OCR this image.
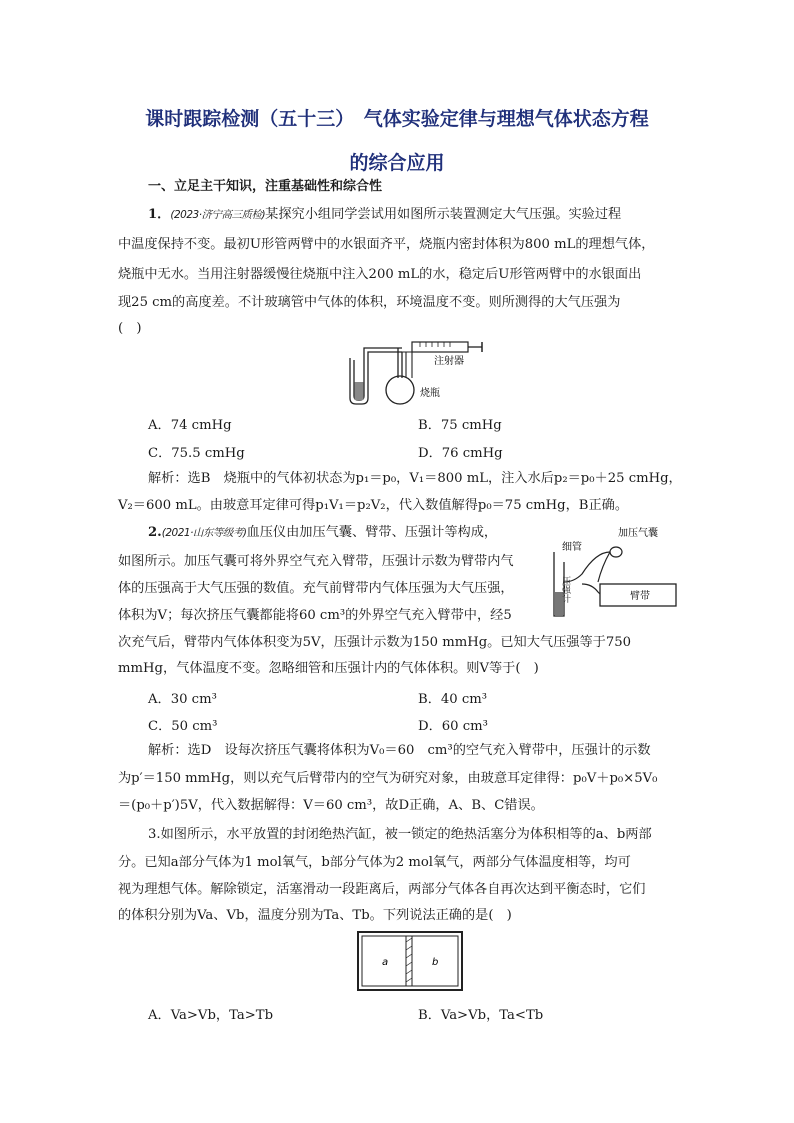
课时跟踪检测（五十三）　气体实验定律与理想气体状态方程
的综合应用
一、立足主干知识，注重基础性和综合性
1．(2023·济宁高三质检)某探究小组同学尝试用如图所示装置测定大气压强。实验过程
中温度保持不变。最初U形管两臂中的水银面齐平，烧瓶内密封体积为800 mL的理想气体，
烧瓶中无水。当用注射器缓慢往烧瓶中注入200 mL的水，稳定后U形管两臂中的水银面出
现25 cm的高度差。不计玻璃管中气体的体积，环境温度不变。则所测得的大气压强为
(　)
注射器
烧瓶
A．74 cmHg	B．75 cmHg
C．75.5 cmHg	D．76 cmHg
解析：选B　烧瓶中的气体初状态为p₁＝p₀，V₁＝800 mL，注入水后p₂＝p₀＋25 cmHg，
V₂＝600 mL。由玻意耳定律可得p₁V₁＝p₂V₂，代入数值解得p₀＝75 cmHg，B正确。
2.(2021·山东等级考)血压仪由加压气囊、臂带、压强计等构成，
如图所示。加压气囊可将外界空气充入臂带，压强计示数为臂带内气
体的压强高于大气压强的数值。充气前臂带内气体压强为大气压强，
体积为V；每次挤压气囊都能将60 cm³的外界空气充入臂带中，经5
次充气后，臂带内气体体积变为5V，压强计示数为150 mmHg。已知大气压强等于750
mmHg，气体温度不变。忽略细管和压强计内的气体体积。则V等于(　)
加压气囊
细管
臂带
压强计
A．30 cm³	B．40 cm³
C．50 cm³	D．60 cm³
解析：选D　设每次挤压气囊将体积为V₀＝60　cm³的空气充入臂带中，压强计的示数
为p′＝150 mmHg，则以充气后臂带内的空气为研究对象，由玻意耳定律得：p₀V＋p₀×5V₀
＝(p₀＋p′)5V，代入数据解得：V＝60 cm³，故D正确，A、B、C错误。
3.如图所示，水平放置的封闭绝热汽缸，被一锁定的绝热活塞分为体积相等的a、b两部
分。已知a部分气体为1 mol氧气，b部分气体为2 mol氧气，两部分气体温度相等，均可
视为理想气体。解除锁定，活塞滑动一段距离后，两部分气体各自再次达到平衡态时，它们
的体积分别为Va、Vb，温度分别为Ta、Tb。下列说法正确的是(　)
a	b
A．Va>Vb，Ta>Tb	B．Va>Vb，Ta<Tb
